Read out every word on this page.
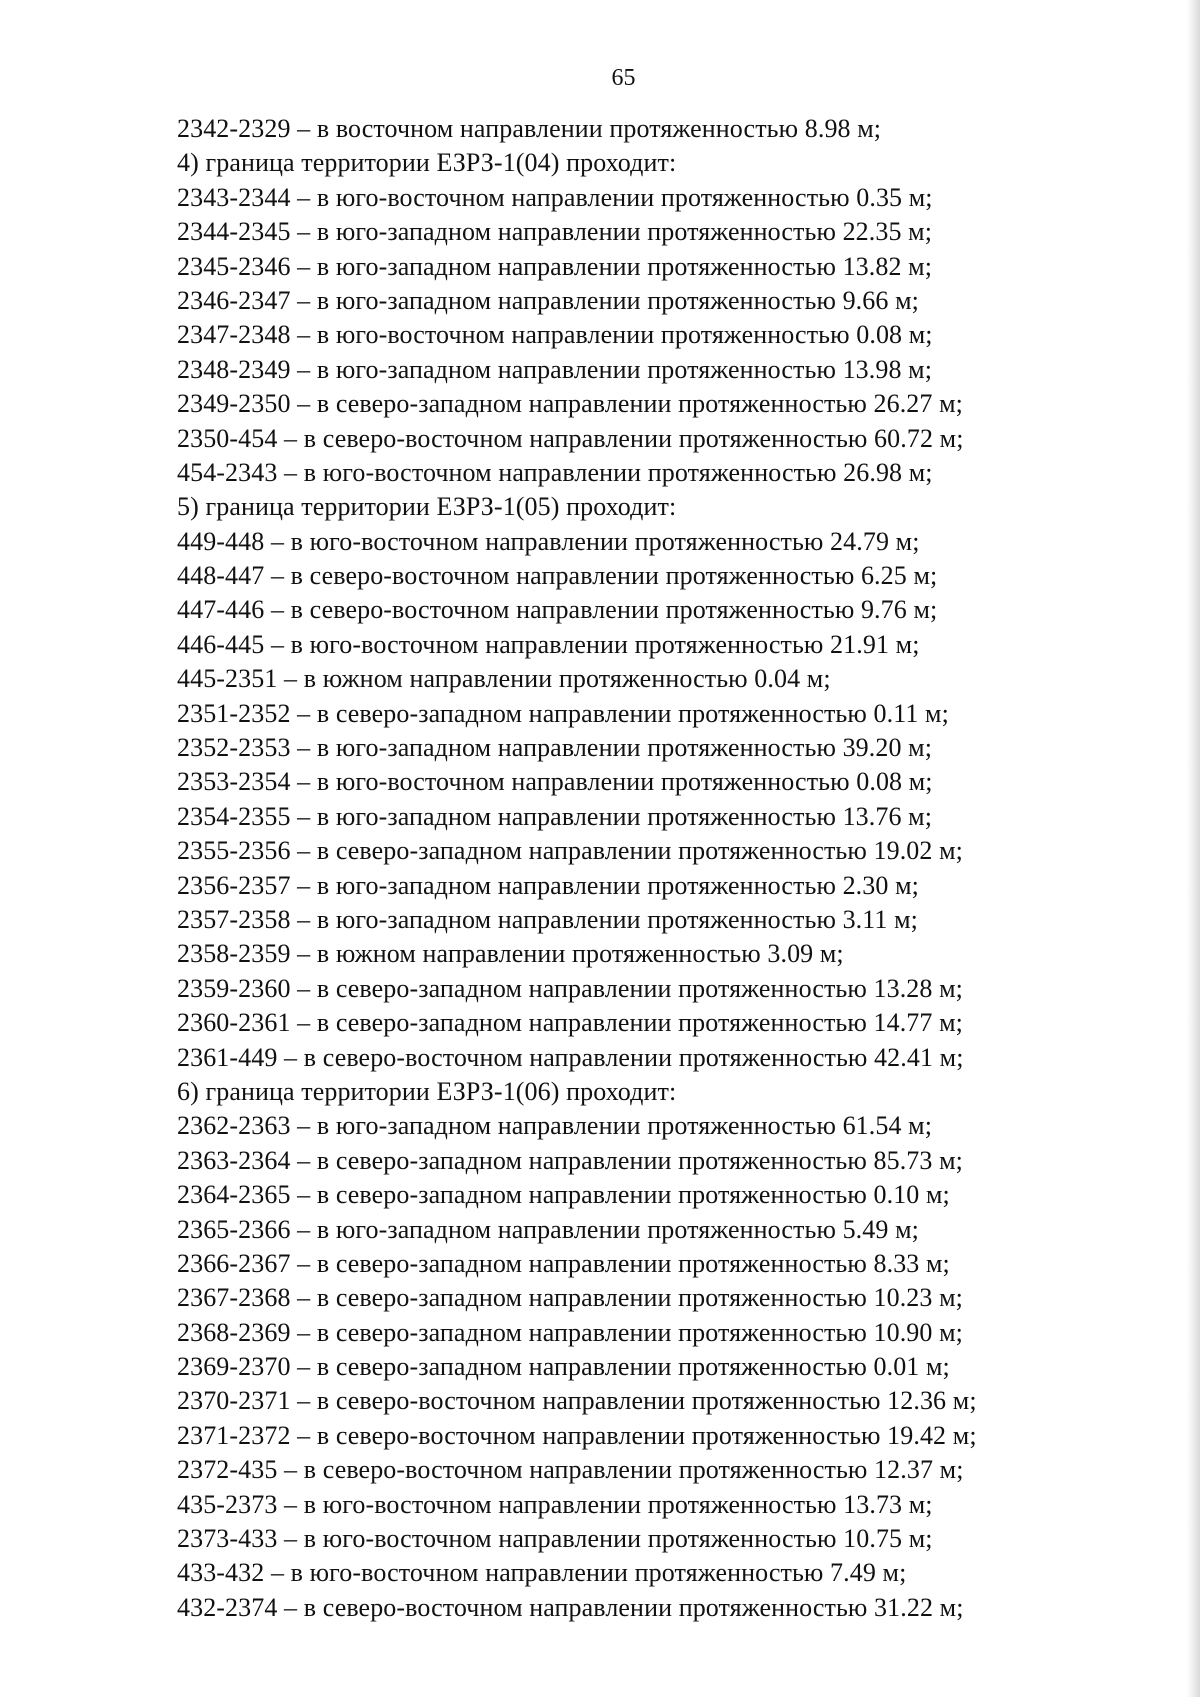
65
2342-2329 – в восточном направлении протяженностью 8.98 м;
4) граница территории ЕЗРЗ-1(04) проходит:
2343-2344 – в юго-восточном направлении протяженностью 0.35 м;
2344-2345 – в юго-западном направлении протяженностью 22.35 м;
2345-2346 – в юго-западном направлении протяженностью 13.82 м;
2346-2347 – в юго-западном направлении протяженностью 9.66 м;
2347-2348 – в юго-восточном направлении протяженностью 0.08 м;
2348-2349 – в юго-западном направлении протяженностью 13.98 м;
2349-2350 – в северо-западном направлении протяженностью 26.27 м;
2350-454 – в северо-восточном направлении протяженностью 60.72 м;
454-2343 – в юго-восточном направлении протяженностью 26.98 м;
5) граница территории ЕЗРЗ-1(05) проходит:
449-448 – в юго-восточном направлении протяженностью 24.79 м;
448-447 – в северо-восточном направлении протяженностью 6.25 м;
447-446 – в северо-восточном направлении протяженностью 9.76 м;
446-445 – в юго-восточном направлении протяженностью 21.91 м;
445-2351 – в южном направлении протяженностью 0.04 м;
2351-2352 – в северо-западном направлении протяженностью 0.11 м;
2352-2353 – в юго-западном направлении протяженностью 39.20 м;
2353-2354 – в юго-восточном направлении протяженностью 0.08 м;
2354-2355 – в юго-западном направлении протяженностью 13.76 м;
2355-2356 – в северо-западном направлении протяженностью 19.02 м;
2356-2357 – в юго-западном направлении протяженностью 2.30 м;
2357-2358 – в юго-западном направлении протяженностью 3.11 м;
2358-2359 – в южном направлении протяженностью 3.09 м;
2359-2360 – в северо-западном направлении протяженностью 13.28 м;
2360-2361 – в северо-западном направлении протяженностью 14.77 м;
2361-449 – в северо-восточном направлении протяженностью 42.41 м;
6) граница территории ЕЗРЗ-1(06) проходит:
2362-2363 – в юго-западном направлении протяженностью 61.54 м;
2363-2364 – в северо-западном направлении протяженностью 85.73 м;
2364-2365 – в северо-западном направлении протяженностью 0.10 м;
2365-2366 – в юго-западном направлении протяженностью 5.49 м;
2366-2367 – в северо-западном направлении протяженностью 8.33 м;
2367-2368 – в северо-западном направлении протяженностью 10.23 м;
2368-2369 – в северо-западном направлении протяженностью 10.90 м;
2369-2370 – в северо-западном направлении протяженностью 0.01 м;
2370-2371 – в северо-восточном направлении протяженностью 12.36 м;
2371-2372 – в северо-восточном направлении протяженностью 19.42 м;
2372-435 – в северо-восточном направлении протяженностью 12.37 м;
435-2373 – в юго-восточном направлении протяженностью 13.73 м;
2373-433 – в юго-восточном направлении протяженностью 10.75 м;
433-432 – в юго-восточном направлении протяженностью 7.49 м;
432-2374 – в северо-восточном направлении протяженностью 31.22 м;
